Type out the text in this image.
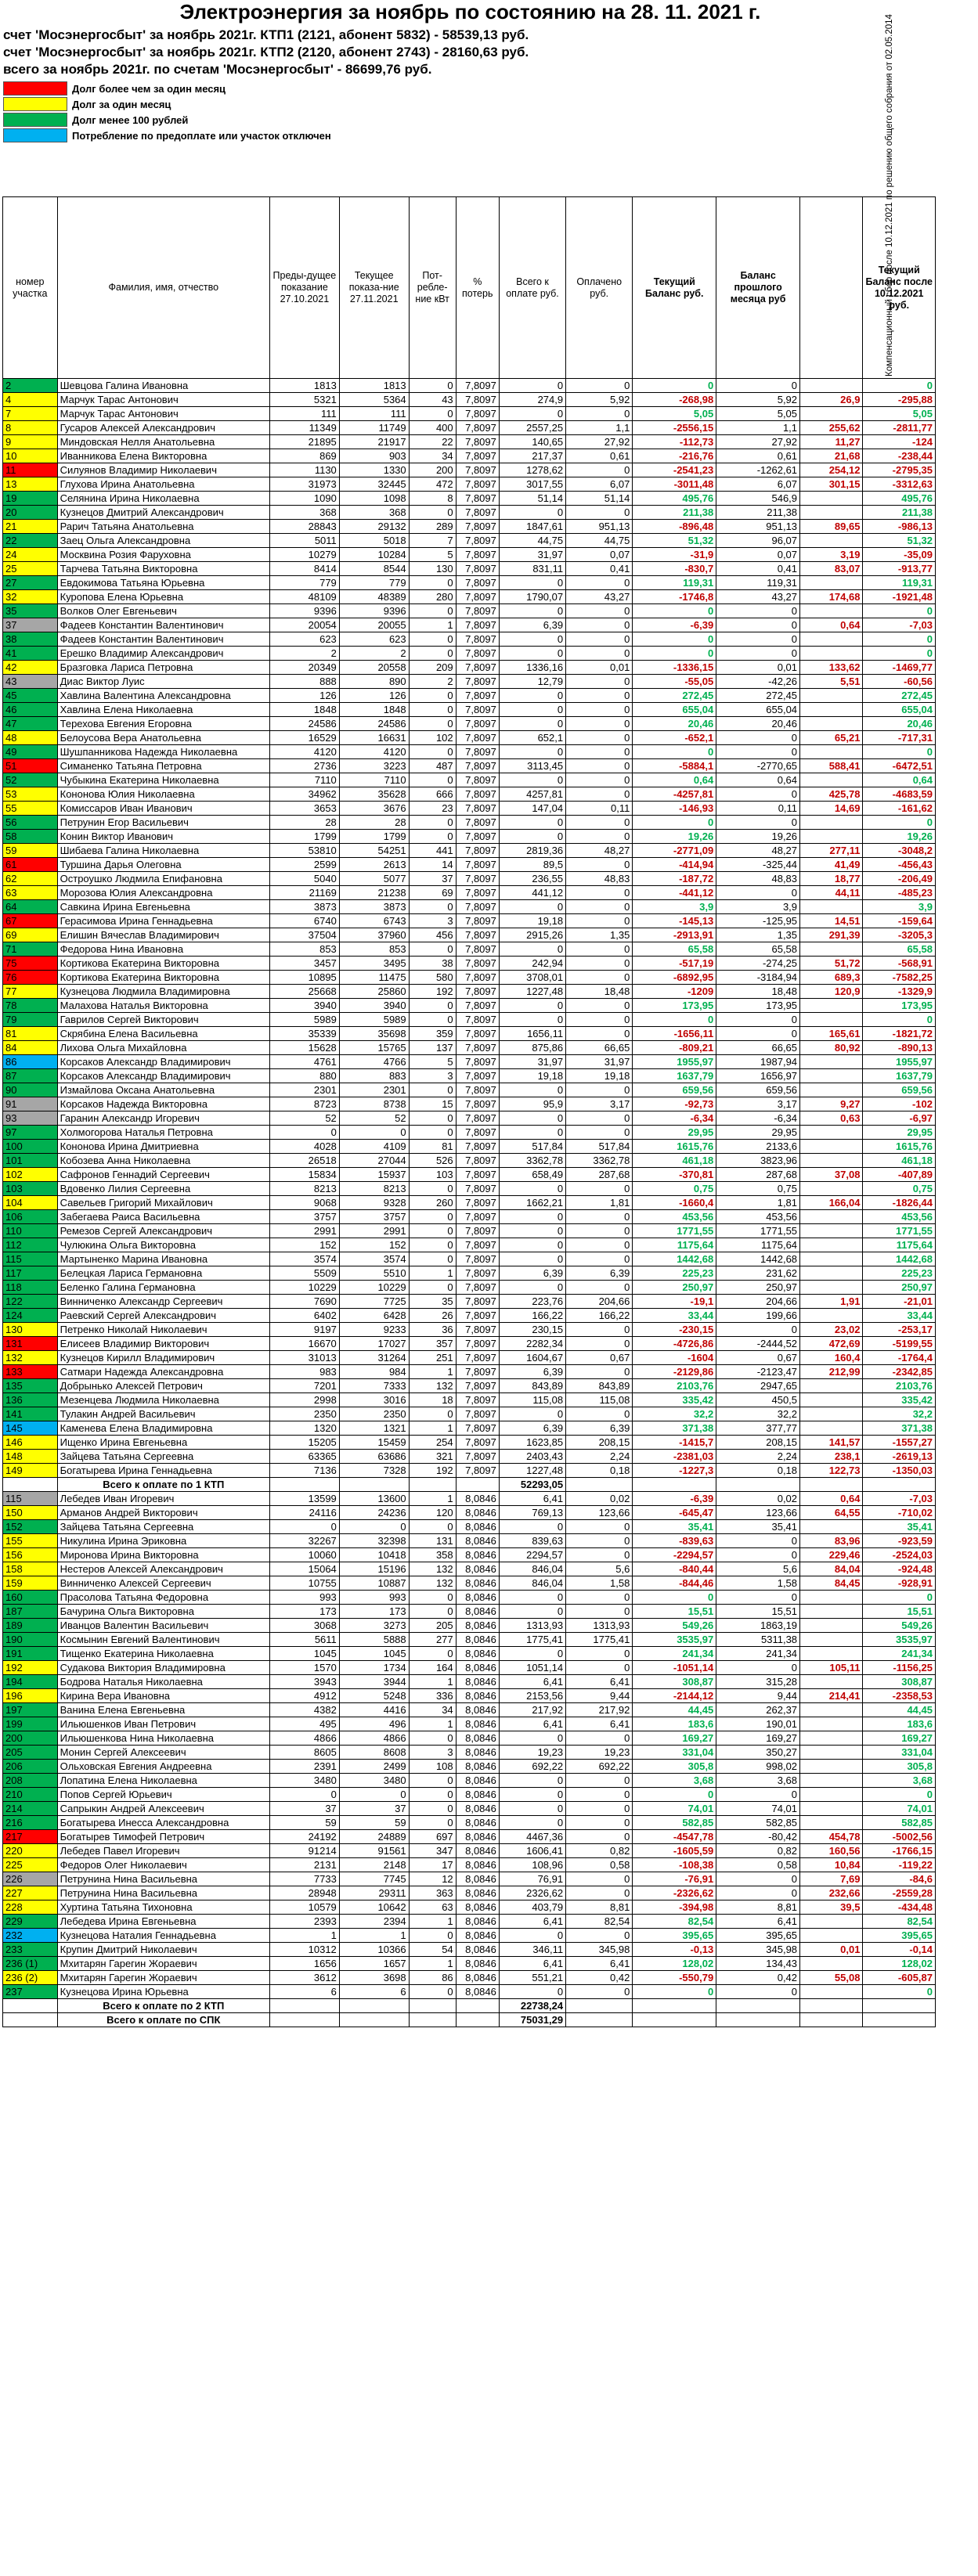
Электроэнергия за ноябрь по состоянию на 28. 11. 2021 г.
счет 'Мосэнергосбыт' за ноябрь 2021г. КТП1 (2121, абонент 5832) - 58539,13 руб.
счет 'Мосэнергосбыт' за ноябрь 2021г. КТП2 (2120, абонент 2743) - 28160,63 руб.
всего за ноябрь 2021г. по счетам 'Мосэнергосбыт' - 86699,76 руб.
Долг более чем за один месяц
Долг за один месяц
Долг менее 100 рублей
Потребление по предоплате или участок отключен
номер участка	Фамилия, имя, отчество	Преды-дущее показание 27.10.2021	Текущее показа-ние 27.11.2021	Пот-ребле-ние кВт	% потерь	Всего к оплате руб.	Оплачено руб.	Текущий Баланс руб.	Баланс прошлого месяца руб	Компенсационный сбор после 10.12.2021 по решению общего собрания от 02.05.2014	Текущий Баланс после 10.12.2021 руб.
2	Шевцова Галина Ивановна	1813	1813	0	7,8097	0	0	0	0		0
4	Марчук Тарас Антонович	5321	5364	43	7,8097	274,9	5,92	-268,98	5,92	26,9	-295,88
7	Марчук Тарас Антонович	111	111	0	7,8097	0	0	5,05	5,05		5,05
8	Гусаров Алексей Александрович	11349	11749	400	7,8097	2557,25	1,1	-2556,15	1,1	255,62	-2811,77
9	Миндовская Нелля Анатольевна	21895	21917	22	7,8097	140,65	27,92	-112,73	27,92	11,27	-124
10	Иванникова Елена Викторовна	869	903	34	7,8097	217,37	0,61	-216,76	0,61	21,68	-238,44
11	Силуянов Владимир Николаевич	1130	1330	200	7,8097	1278,62	0	-2541,23	-1262,61	254,12	-2795,35
13	Глухова Ирина Анатольевна	31973	32445	472	7,8097	3017,55	6,07	-3011,48	6,07	301,15	-3312,63
19	Селянина Ирина Николаевна	1090	1098	8	7,8097	51,14	51,14	495,76	546,9		495,76
20	Кузнецов Дмитрий Александрович	368	368	0	7,8097	0	0	211,38	211,38		211,38
21	Рарич Татьяна Анатольевна	28843	29132	289	7,8097	1847,61	951,13	-896,48	951,13	89,65	-986,13
22	Заец Ольга Александровна	5011	5018	7	7,8097	44,75	44,75	51,32	96,07		51,32
24	Москвина Розия Фаруховна	10279	10284	5	7,8097	31,97	0,07	-31,9	0,07	3,19	-35,09
25	Тарчева Татьяна Викторовна	8414	8544	130	7,8097	831,11	0,41	-830,7	0,41	83,07	-913,77
27	Евдокимова Татьяна Юрьевна	779	779	0	7,8097	0	0	119,31	119,31		119,31
32	Куропова Елена Юрьевна	48109	48389	280	7,8097	1790,07	43,27	-1746,8	43,27	174,68	-1921,48
35	Волков Олег Евгеньевич	9396	9396	0	7,8097	0	0	0	0		0
37	Фадеев Константин Валентинович	20054	20055	1	7,8097	6,39	0	-6,39	0	0,64	-7,03
38	Фадеев Константин Валентинович	623	623	0	7,8097	0	0	0	0		0
41	Ерешко Владимир Александрович	2	2	0	7,8097	0	0	0	0		0
42	Бразговка Лариса Петровна	20349	20558	209	7,8097	1336,16	0,01	-1336,15	0,01	133,62	-1469,77
43	Диас Виктор Луис	888	890	2	7,8097	12,79	0	-55,05	-42,26	5,51	-60,56
45	Хавлина Валентина Александровна	126	126	0	7,8097	0	0	272,45	272,45		272,45
46	Хавлина Елена Николаевна	1848	1848	0	7,8097	0	0	655,04	655,04		655,04
47	Терехова Евгения Егоровна	24586	24586	0	7,8097	0	0	20,46	20,46		20,46
48	Белоусова Вера Анатольевна	16529	16631	102	7,8097	652,1	0	-652,1	0	65,21	-717,31
49	Шушпанникова Надежда Николаевна	4120	4120	0	7,8097	0	0	0	0		0
51	Симаненко Татьяна Петровна	2736	3223	487	7,8097	3113,45	0	-5884,1	-2770,65	588,41	-6472,51
52	Чубыкина Екатерина Николаевна	7110	7110	0	7,8097	0	0	0,64	0,64		0,64
53	Кононова Юлия Николаевна	34962	35628	666	7,8097	4257,81	0	-4257,81	0	425,78	-4683,59
55	Комиссаров Иван Иванович	3653	3676	23	7,8097	147,04	0,11	-146,93	0,11	14,69	-161,62
56	Петрунин Егор Васильевич	28	28	0	7,8097	0	0	0	0		0
58	Конин Виктор Иванович	1799	1799	0	7,8097	0	0	19,26	19,26		19,26
59	Шибаева Галина Николаевна	53810	54251	441	7,8097	2819,36	48,27	-2771,09	48,27	277,11	-3048,2
61	Туршина Дарья Олеговна	2599	2613	14	7,8097	89,5	0	-414,94	-325,44	41,49	-456,43
62	Остроушко Людмила Епифановна	5040	5077	37	7,8097	236,55	48,83	-187,72	48,83	18,77	-206,49
63	Морозова Юлия Александровна	21169	21238	69	7,8097	441,12	0	-441,12	0	44,11	-485,23
64	Савкина Ирина Евгеньевна	3873	3873	0	7,8097	0	0	3,9	3,9		3,9
67	Герасимова Ирина Геннадьевна	6740	6743	3	7,8097	19,18	0	-145,13	-125,95	14,51	-159,64
69	Елишин Вячеслав Владимирович	37504	37960	456	7,8097	2915,26	1,35	-2913,91	1,35	291,39	-3205,3
71	Федорова Нина Ивановна	853	853	0	7,8097	0	0	65,58	65,58		65,58
75	Кортикова Екатерина Викторовна	3457	3495	38	7,8097	242,94	0	-517,19	-274,25	51,72	-568,91
76	Кортикова Екатерина Викторовна	10895	11475	580	7,8097	3708,01	0	-6892,95	-3184,94	689,3	-7582,25
77	Кузнецова Людмила Владимировна	25668	25860	192	7,8097	1227,48	18,48	-1209	18,48	120,9	-1329,9
78	Малахова Наталья Викторовна	3940	3940	0	7,8097	0	0	173,95	173,95		173,95
79	Гаврилов Сергей Викторович	5989	5989	0	7,8097	0	0	0	0		0
81	Скрябина Елена Васильевна	35339	35698	359	7,8097	1656,11	0	-1656,11	0	165,61	-1821,72
84	Лихова Ольга Михайловна	15628	15765	137	7,8097	875,86	66,65	-809,21	66,65	80,92	-890,13
86	Корсаков Александр Владимирович	4761	4766	5	7,8097	31,97	31,97	1955,97	1987,94		1955,97
87	Корсаков Александр Владимирович	880	883	3	7,8097	19,18	19,18	1637,79	1656,97		1637,79
90	Измайлова Оксана Анатольевна	2301	2301	0	7,8097	0	0	659,56	659,56		659,56
91	Корсаков Надежда Викторовна	8723	8738	15	7,8097	95,9	3,17	-92,73	3,17	9,27	-102
93	Гаранин Александр Игоревич	52	52	0	7,8097	0	0	-6,34	-6,34	0,63	-6,97
97	Холмогорова Наталья Петровна	0	0	0	7,8097	0	0	29,95	29,95		29,95
100	Кононова Ирина Дмитриевна	4028	4109	81	7,8097	517,84	517,84	1615,76	2133,6		1615,76
101	Кобозева Анна Николаевна	26518	27044	526	7,8097	3362,78	3362,78	461,18	3823,96		461,18
102	Сафронов Геннадий Сергеевич	15834	15937	103	7,8097	658,49	287,68	-370,81	287,68	37,08	-407,89
103	Вдовенко Лилия Сергеевна	8213	8213	0	7,8097	0	0	0,75	0,75		0,75
104	Савельев Григорий Михайлович	9068	9328	260	7,8097	1662,21	1,81	-1660,4	1,81	166,04	-1826,44
106	Забегаева Раиса Васильевна	3757	3757	0	7,8097	0	0	453,56	453,56		453,56
110	Ремезов Сергей Александрович	2991	2991	0	7,8097	0	0	1771,55	1771,55		1771,55
112	Чулюкина Ольга Викторовна	152	152	0	7,8097	0	0	1175,64	1175,64		1175,64
115	Мартыненко Марина Ивановна	3574	3574	0	7,8097	0	0	1442,68	1442,68		1442,68
117	Белецкая Лариса Германовна	5509	5510	1	7,8097	6,39	6,39	225,23	231,62		225,23
118	Беленко Галина Германовна	10229	10229	0	7,8097	0	0	250,97	250,97		250,97
122	Винниченко Александр Сергеевич	7690	7725	35	7,8097	223,76	204,66	-19,1	204,66	1,91	-21,01
124	Раевский Сергей Александрович	6402	6428	26	7,8097	166,22	166,22	33,44	199,66		33,44
130	Петренко Николай Николаевич	9197	9233	36	7,8097	230,15	0	-230,15	0	23,02	-253,17
131	Елисеев Владимир Викторович	16670	17027	357	7,8097	2282,34	0	-4726,86	-2444,52	472,69	-5199,55
132	Кузнецов Кирилл Владимирович	31013	31264	251	7,8097	1604,67	0,67	-1604	0,67	160,4	-1764,4
133	Сатмари Надежда Александровна	983	984	1	7,8097	6,39	0	-2129,86	-2123,47	212,99	-2342,85
135	Добрынько Алексей Петрович	7201	7333	132	7,8097	843,89	843,89	2103,76	2947,65		2103,76
136	Мезенцева Людмила Николаевна	2998	3016	18	7,8097	115,08	115,08	335,42	450,5		335,42
141	Тулакин Андрей Васильевич	2350	2350	0	7,8097	0	0	32,2	32,2		32,2
145	Каменева Елена Владимировна	1320	1321	1	7,8097	6,39	6,39	371,38	377,77		371,38
146	Ищенко Ирина Евгеньевна	15205	15459	254	7,8097	1623,85	208,15	-1415,7	208,15	141,57	-1557,27
148	Зайцева Татьяна Сергеевна	63365	63686	321	7,8097	2403,43	2,24	-2381,03	2,24	238,1	-2619,13
149	Богатырева Ирина Геннадьевна	7136	7328	192	7,8097	1227,48	0,18	-1227,3	0,18	122,73	-1350,03
	Всего к оплате по 1 КТП					52293,05					
115	Лебедев Иван Игоревич	13599	13600	1	8,0846	6,41	0,02	-6,39	0,02	0,64	-7,03
150	Арманов Андрей Викторович	24116	24236	120	8,0846	769,13	123,66	-645,47	123,66	64,55	-710,02
152	Зайцева Татьяна Сергеевна	0	0	0	8,0846	0	0	35,41	35,41		35,41
155	Никулина Ирина Эриковна	32267	32398	131	8,0846	839,63	0	-839,63	0	83,96	-923,59
156	Миронова Ирина Викторовна	10060	10418	358	8,0846	2294,57	0	-2294,57	0	229,46	-2524,03
158	Нестеров Алексей Александрович	15064	15196	132	8,0846	846,04	5,6	-840,44	5,6	84,04	-924,48
159	Винниченко Алексей Сергеевич	10755	10887	132	8,0846	846,04	1,58	-844,46	1,58	84,45	-928,91
160	Прасолова Татьяна Федоровна	993	993	0	8,0846	0	0	0	0		0
187	Бачурина Ольга Викторовна	173	173	0	8,0846	0	0	15,51	15,51		15,51
189	Иванцов Валентин Васильевич	3068	3273	205	8,0846	1313,93	1313,93	549,26	1863,19		549,26
190	Космынин Евгений Валентинович	5611	5888	277	8,0846	1775,41	1775,41	3535,97	5311,38		3535,97
191	Тищенко Екатерина Николаевна	1045	1045	0	8,0846	0	0	241,34	241,34		241,34
192	Судакова Виктория Владимировна	1570	1734	164	8,0846	1051,14	0	-1051,14	0	105,11	-1156,25
194	Бодрова Наталья Николаевна	3943	3944	1	8,0846	6,41	6,41	308,87	315,28		308,87
196	Кирина Вера Ивановна	4912	5248	336	8,0846	2153,56	9,44	-2144,12	9,44	214,41	-2358,53
197	Ванина Елена Евгеньевна	4382	4416	34	8,0846	217,92	217,92	44,45	262,37		44,45
199	Ильюшенков Иван Петрович	495	496	1	8,0846	6,41	6,41	183,6	190,01		183,6
200	Ильюшенкова Нина Николаевна	4866	4866	0	8,0846	0	0	169,27	169,27		169,27
205	Монин Сергей Алексеевич	8605	8608	3	8,0846	19,23	19,23	331,04	350,27		331,04
206	Ольховская Евгения Андреевна	2391	2499	108	8,0846	692,22	692,22	305,8	998,02		305,8
208	Лопатина Елена Николаевна	3480	3480	0	8,0846	0	0	3,68	3,68		3,68
210	Попов Сергей Юрьевич	0	0	0	8,0846	0	0	0	0		0
214	Сапрыкин Андрей Алексеевич	37	37	0	8,0846	0	0	74,01	74,01		74,01
216	Богатырева Инесса Александровна	59	59	0	8,0846	0	0	582,85	582,85		582,85
217	Богатырев Тимофей Петрович	24192	24889	697	8,0846	4467,36	0	-4547,78	-80,42	454,78	-5002,56
220	Лебедев Павел Игоревич	91214	91561	347	8,0846	1606,41	0,82	-1605,59	0,82	160,56	-1766,15
225	Федоров Олег Николаевич	2131	2148	17	8,0846	108,96	0,58	-108,38	0,58	10,84	-119,22
226	Петрунина Нина Васильевна	7733	7745	12	8,0846	76,91	0	-76,91	0	7,69	-84,6
227	Петрунина Нина Васильевна	28948	29311	363	8,0846	2326,62	0	-2326,62	0	232,66	-2559,28
228	Хуртина Татьяна Тихоновна	10579	10642	63	8,0846	403,79	8,81	-394,98	8,81	39,5	-434,48
229	Лебедева Ирина Евгеньевна	2393	2394	1	8,0846	6,41	82,54	82,54	6,41		82,54
232	Кузнецова Наталия Геннадьевна	1	1	0	8,0846	0	0	395,65	395,65		395,65
233	Крупин Дмитрий Николаевич	10312	10366	54	8,0846	346,11	345,98	-0,13	345,98	0,01	-0,14
236 (1)	Мхитарян Гарегин Жораевич	1656	1657	1	8,0846	6,41	6,41	128,02	134,43		128,02
236 (2)	Мхитарян Гарегин Жораевич	3612	3698	86	8,0846	551,21	0,42	-550,79	0,42	55,08	-605,87
237	Кузнецова Ирина Юрьевна	6	6	0	8,0846	0	0	0	0		0
	Всего к оплате по 2 КТП					22738,24					
	Всего к оплате по СПК					75031,29					
